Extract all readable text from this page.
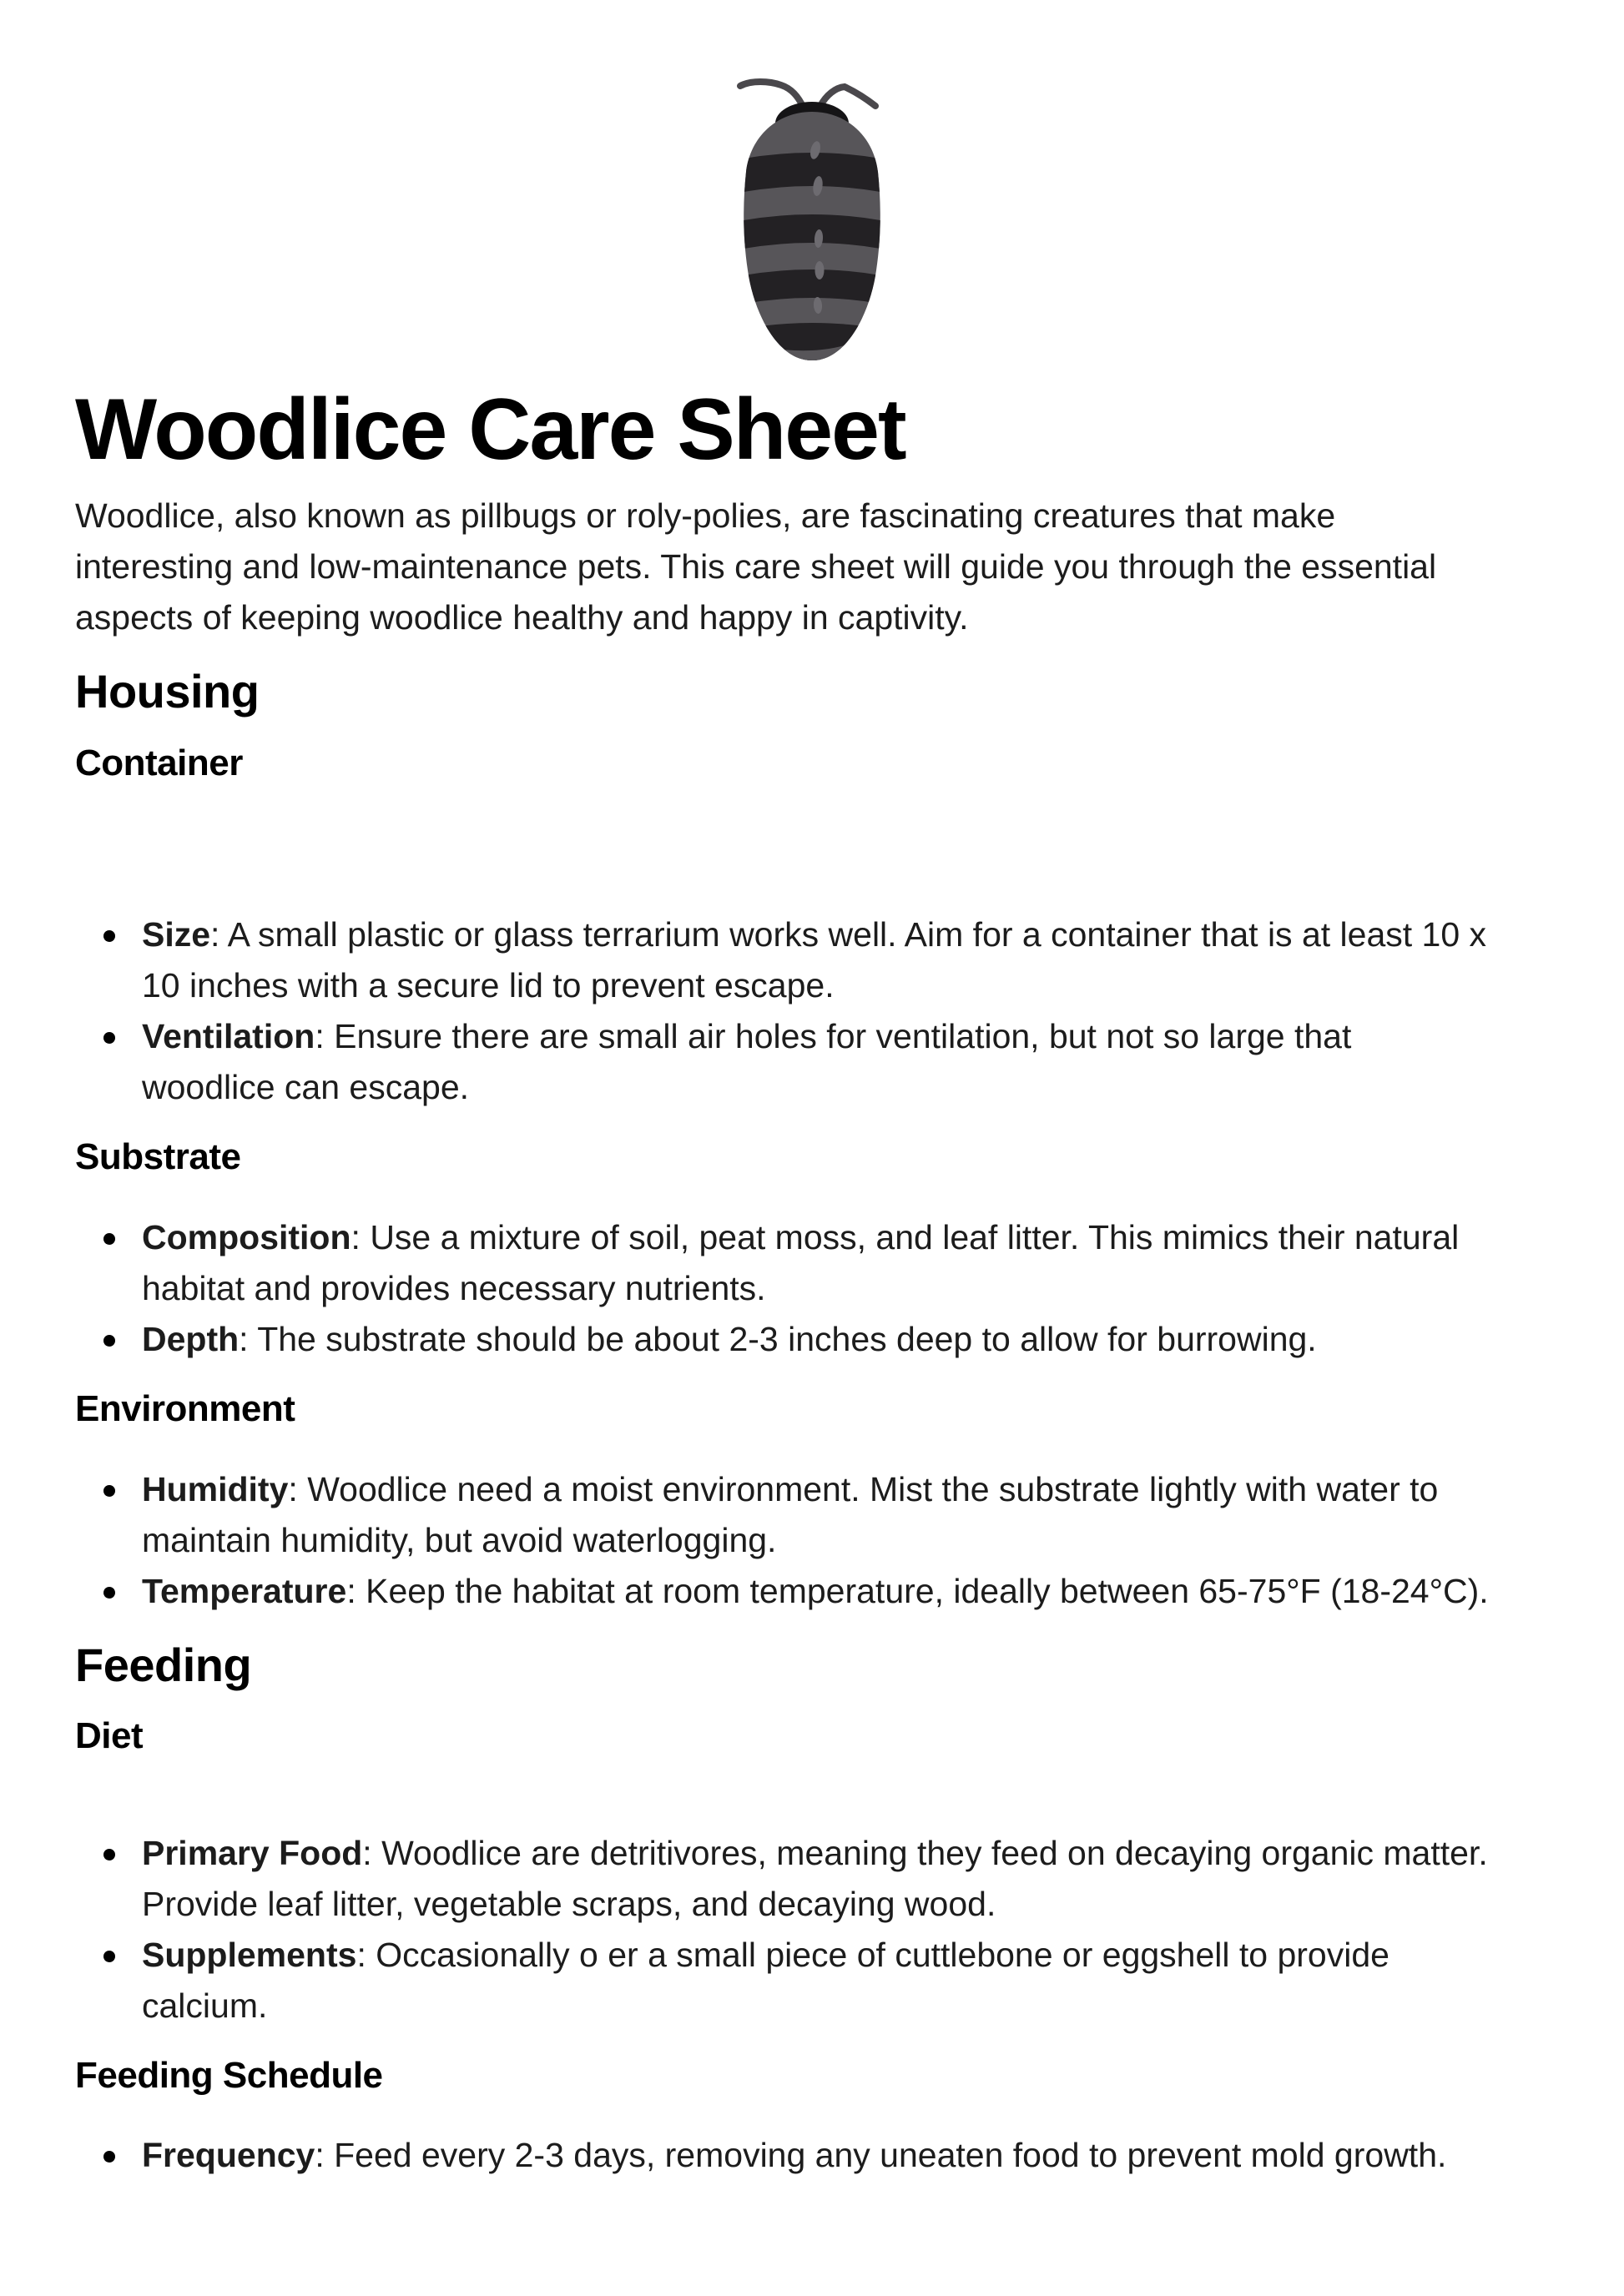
Woodlice Care Sheet

Woodlice, also known as pillbugs or roly-polies, are fascinating creatures that make interesting and low-maintenance pets. This care sheet will guide you through the essential aspects of keeping woodlice healthy and happy in captivity.

Housing
Container
Size: A small plastic or glass terrarium works well. Aim for a container that is at least 10 x 10 inches with a secure lid to prevent escape.
Ventilation: Ensure there are small air holes for ventilation, but not so large that woodlice can escape.
Substrate
Composition: Use a mixture of soil, peat moss, and leaf litter. This mimics their natural habitat and provides necessary nutrients.
Depth: The substrate should be about 2-3 inches deep to allow for burrowing.
Environment
Humidity: Woodlice need a moist environment. Mist the substrate lightly with water to maintain humidity, but avoid waterlogging.
Temperature: Keep the habitat at room temperature, ideally between 65-75°F (18-24°C).
Feeding
Diet
Primary Food: Woodlice are detritivores, meaning they feed on decaying organic matter. Provide leaf litter, vegetable scraps, and decaying wood.
Supplements: Occasionally o er a small piece of cuttlebone or eggshell to provide calcium.
Feeding Schedule
Frequency: Feed every 2-3 days, removing any uneaten food to prevent mold growth.
